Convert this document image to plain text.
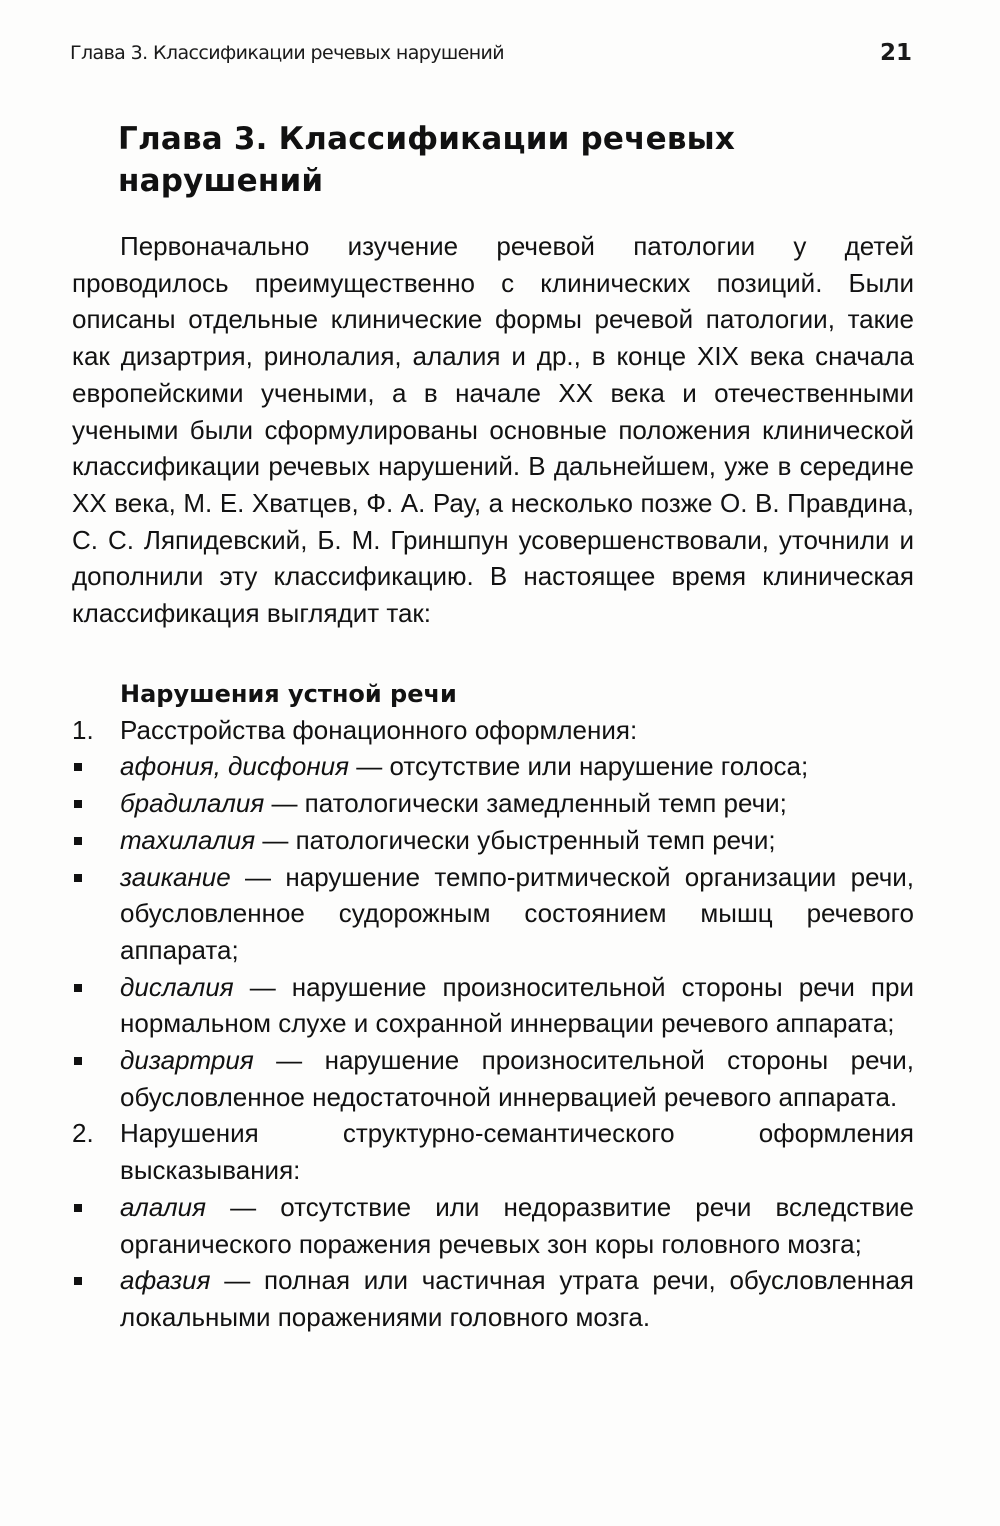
Глава 3. Классификации речевых нарушений	21
Глава 3. Классификации речевых нарушений

Первоначально изучение речевой патологии у детей проводилось преимущественно с клинических позиций. Были описаны отдельные клинические формы речевой патологии, такие как дизартрия, ринолалия, алалия и др., в конце XIX века сначала европейскими учеными, а в начале XX века и отечественными учеными были сформулированы основные положения клинической классификации речевых нарушений. В дальнейшем, уже в середине XX века, М. Е. Хватцев, Ф. А. Рау, а несколько позже О. В. Правдина, С. С. Ляпидевский, Б. М. Гриншпун усовершенствовали, уточнили и дополнили эту классификацию. В настоящее время клиническая классификация выглядит так:

Нарушения устной речи
1. Расстройства фонационного оформления:
афония, дисфония — отсутствие или нарушение голоса;
брадилалия — патологически замедленный темп речи;
тахилалия — патологически убыстренный темп речи;
заикание — нарушение темпо-ритмической организации речи, обусловленное судорожным состоянием мышц речевого аппарата;
дислалия — нарушение произносительной стороны речи при нормальном слухе и сохранной иннервации речевого аппарата;
дизартрия — нарушение произносительной стороны речи, обусловленное недостаточной иннервацией речевого аппарата.
2. Нарушения структурно-семантического оформления высказывания:
алалия — отсутствие или недоразвитие речи вследствие органического поражения речевых зон коры головного мозга;
афазия — полная или частичная утрата речи, обусловленная локальными поражениями головного мозга.
